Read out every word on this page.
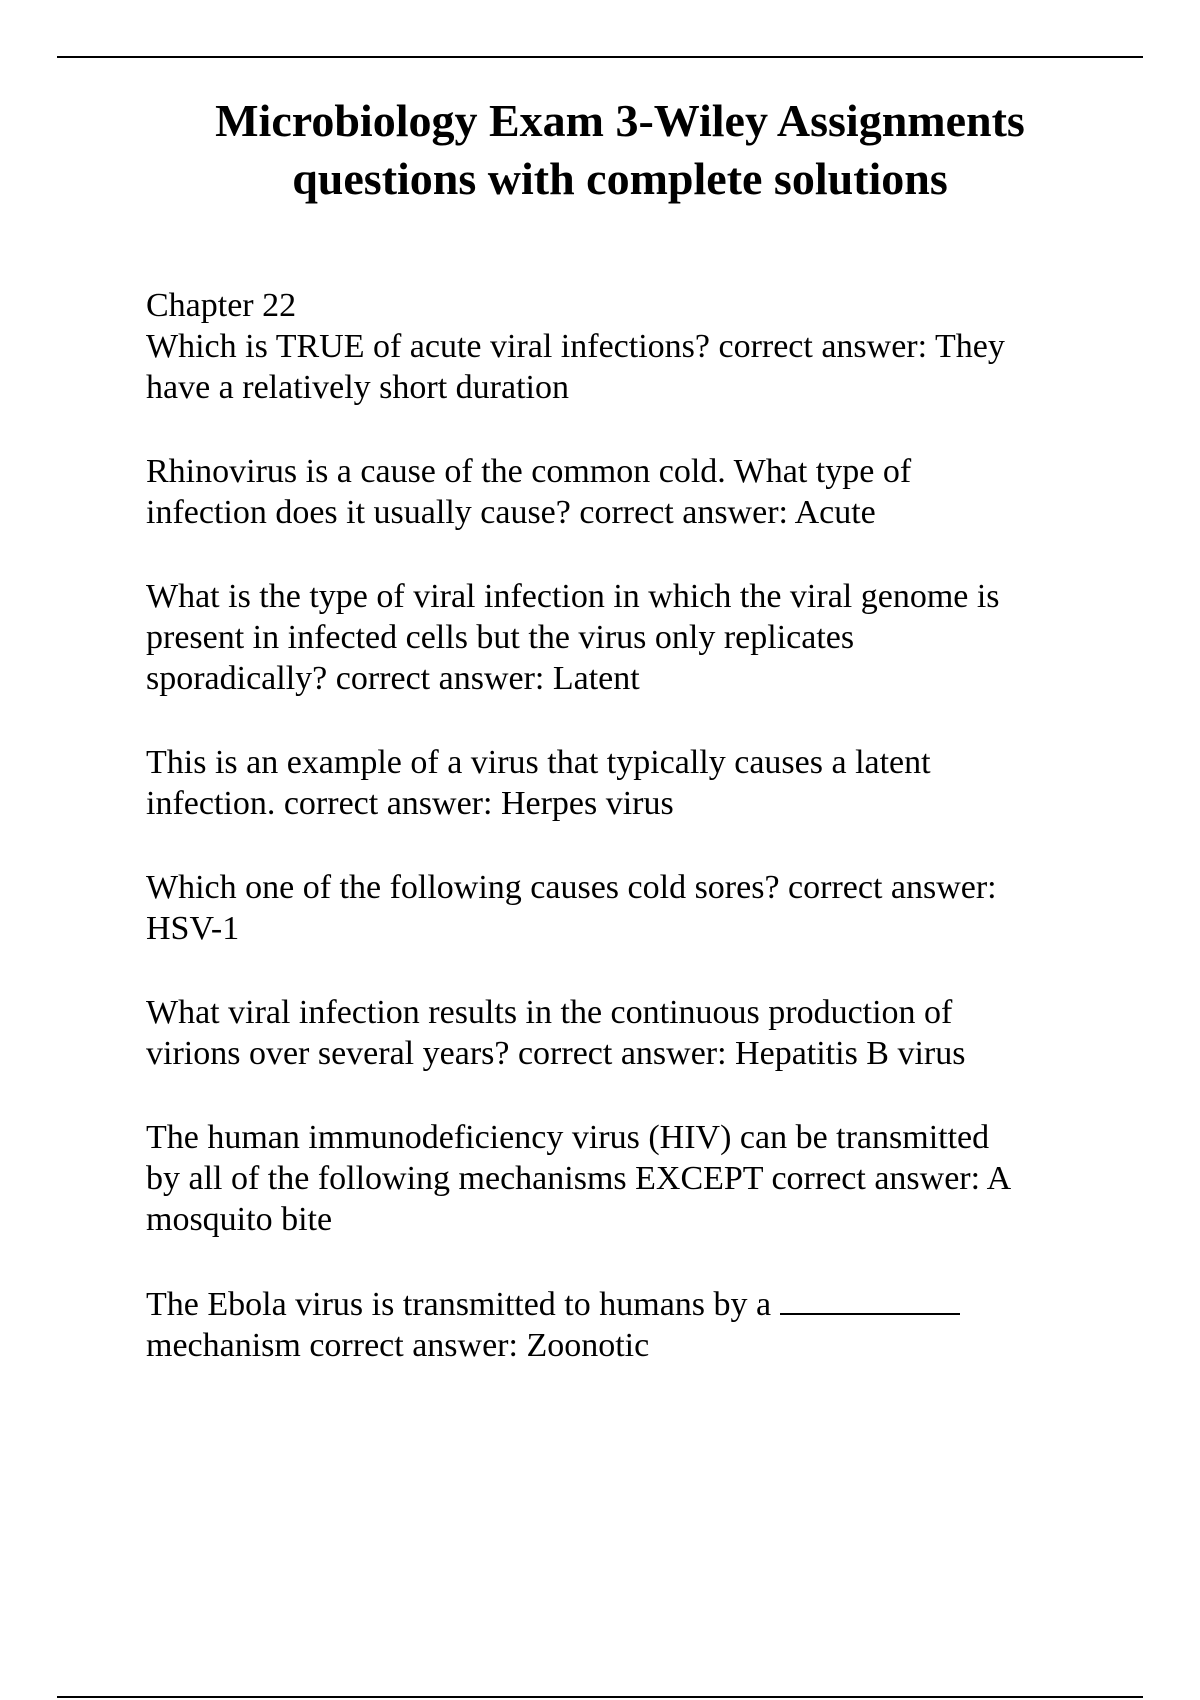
Microbiology Exam 3-Wiley Assignments
questions with complete solutions
Chapter 22
Which is TRUE of acute viral infections? correct answer: They
have a relatively short duration
Rhinovirus is a cause of the common cold. What type of
infection does it usually cause? correct answer: Acute
What is the type of viral infection in which the viral genome is
present in infected cells but the virus only replicates
sporadically? correct answer: Latent
This is an example of a virus that typically causes a latent
infection. correct answer: Herpes virus
Which one of the following causes cold sores? correct answer:
HSV-1
What viral infection results in the continuous production of
virions over several years? correct answer: Hepatitis B virus
The human immunodeficiency virus (HIV) can be transmitted
by all of the following mechanisms EXCEPT correct answer: A
mosquito bite
The Ebola virus is transmitted to humans by a
mechanism correct answer: Zoonotic
